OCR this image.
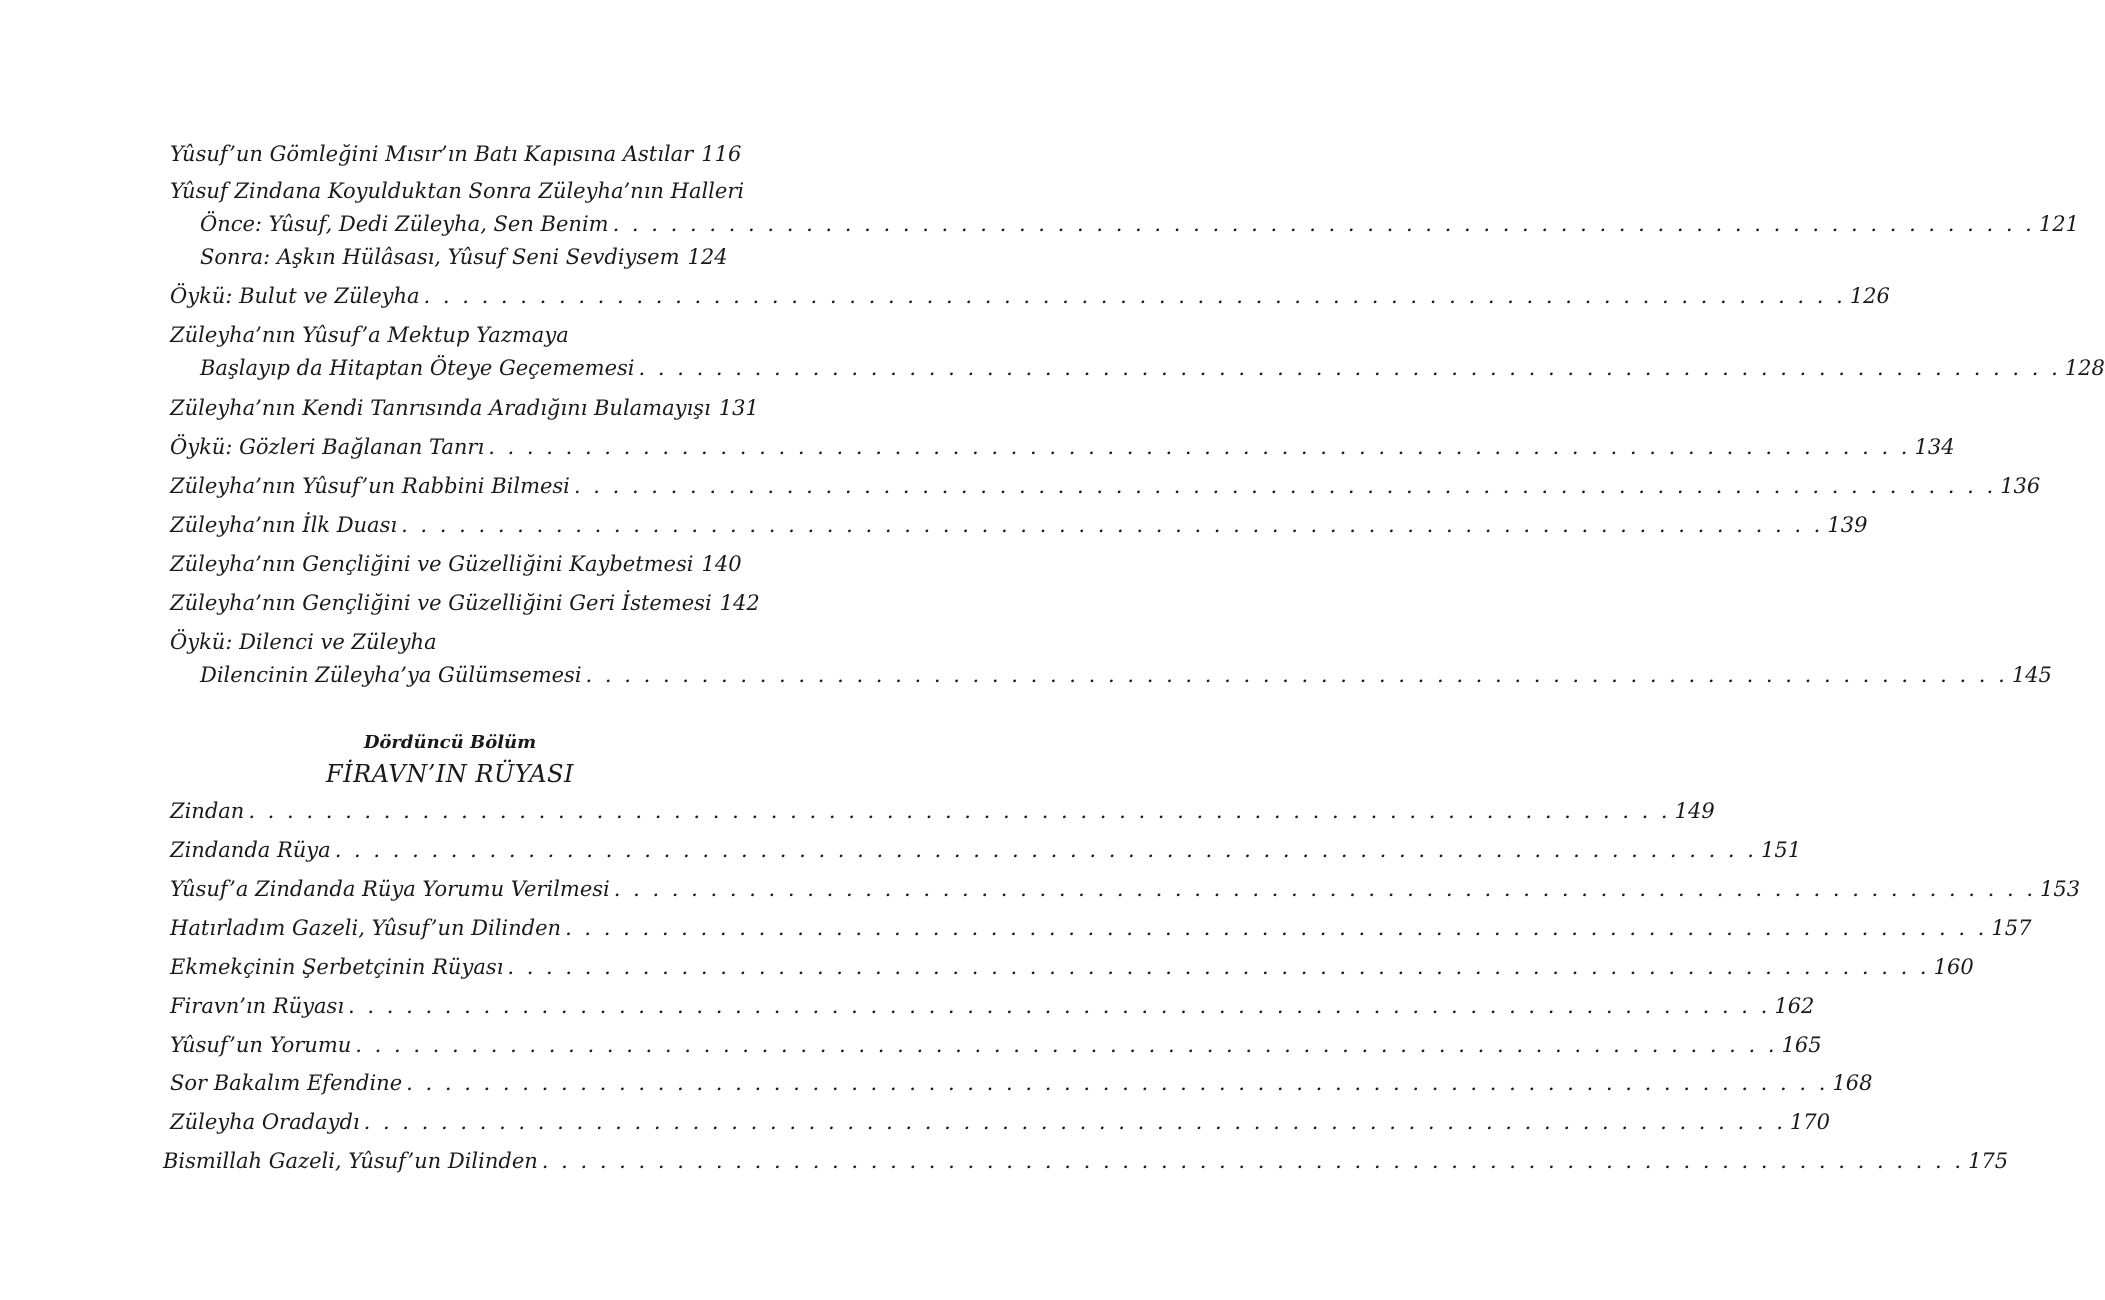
Yûsuf’un Gömleğini Mısır’ın Batı Kapısına Astılar 116
Yûsuf Zindana Koyulduktan Sonra Züleyha’nın Halleri
Önce: Yûsuf, Dedi Züleyha, Sen Benim . . .	121
Sonra: Aşkın Hülâsası, Yûsuf Seni Sevdiysem 124
Öykü: Bulut ve Züleyha . . .	126
Züleyha’nın Yûsuf’a Mektup Yazmaya
Başlayıp da Hitaptan Öteye Geçememesi . . .	128
Züleyha’nın Kendi Tanrısında Aradığını Bulamayışı 131
Öykü: Gözleri Bağlanan Tanrı . . .	134
Züleyha’nın Yûsuf’un Rabbini Bilmesi . . .	136
Züleyha’nın İlk Duası . . .	139
Züleyha’nın Gençliğini ve Güzelliğini Kaybetmesi 140
Züleyha’nın Gençliğini ve Güzelliğini Geri İstemesi 142
Öykü: Dilenci ve Züleyha
Dilencinin Züleyha’ya Gülümsemesi . . .	145
Dördüncü Bölüm
FİRAVN’IN RÜYASI
Zindan . . .	149
Zindanda Rüya . . .	151
Yûsuf’a Zindanda Rüya Yorumu Verilmesi . . .	153
Hatırladım Gazeli, Yûsuf’un Dilinden . . .	157
Ekmekçinin Şerbetçinin Rüyası . . .	160
Firavn’ın Rüyası . . .	162
Yûsuf’un Yorumu . . .	165
Sor Bakalım Efendine . . .	168
Züleyha Oradaydı . . .	170
Bismillah Gazeli, Yûsuf’un Dilinden . . .	175
